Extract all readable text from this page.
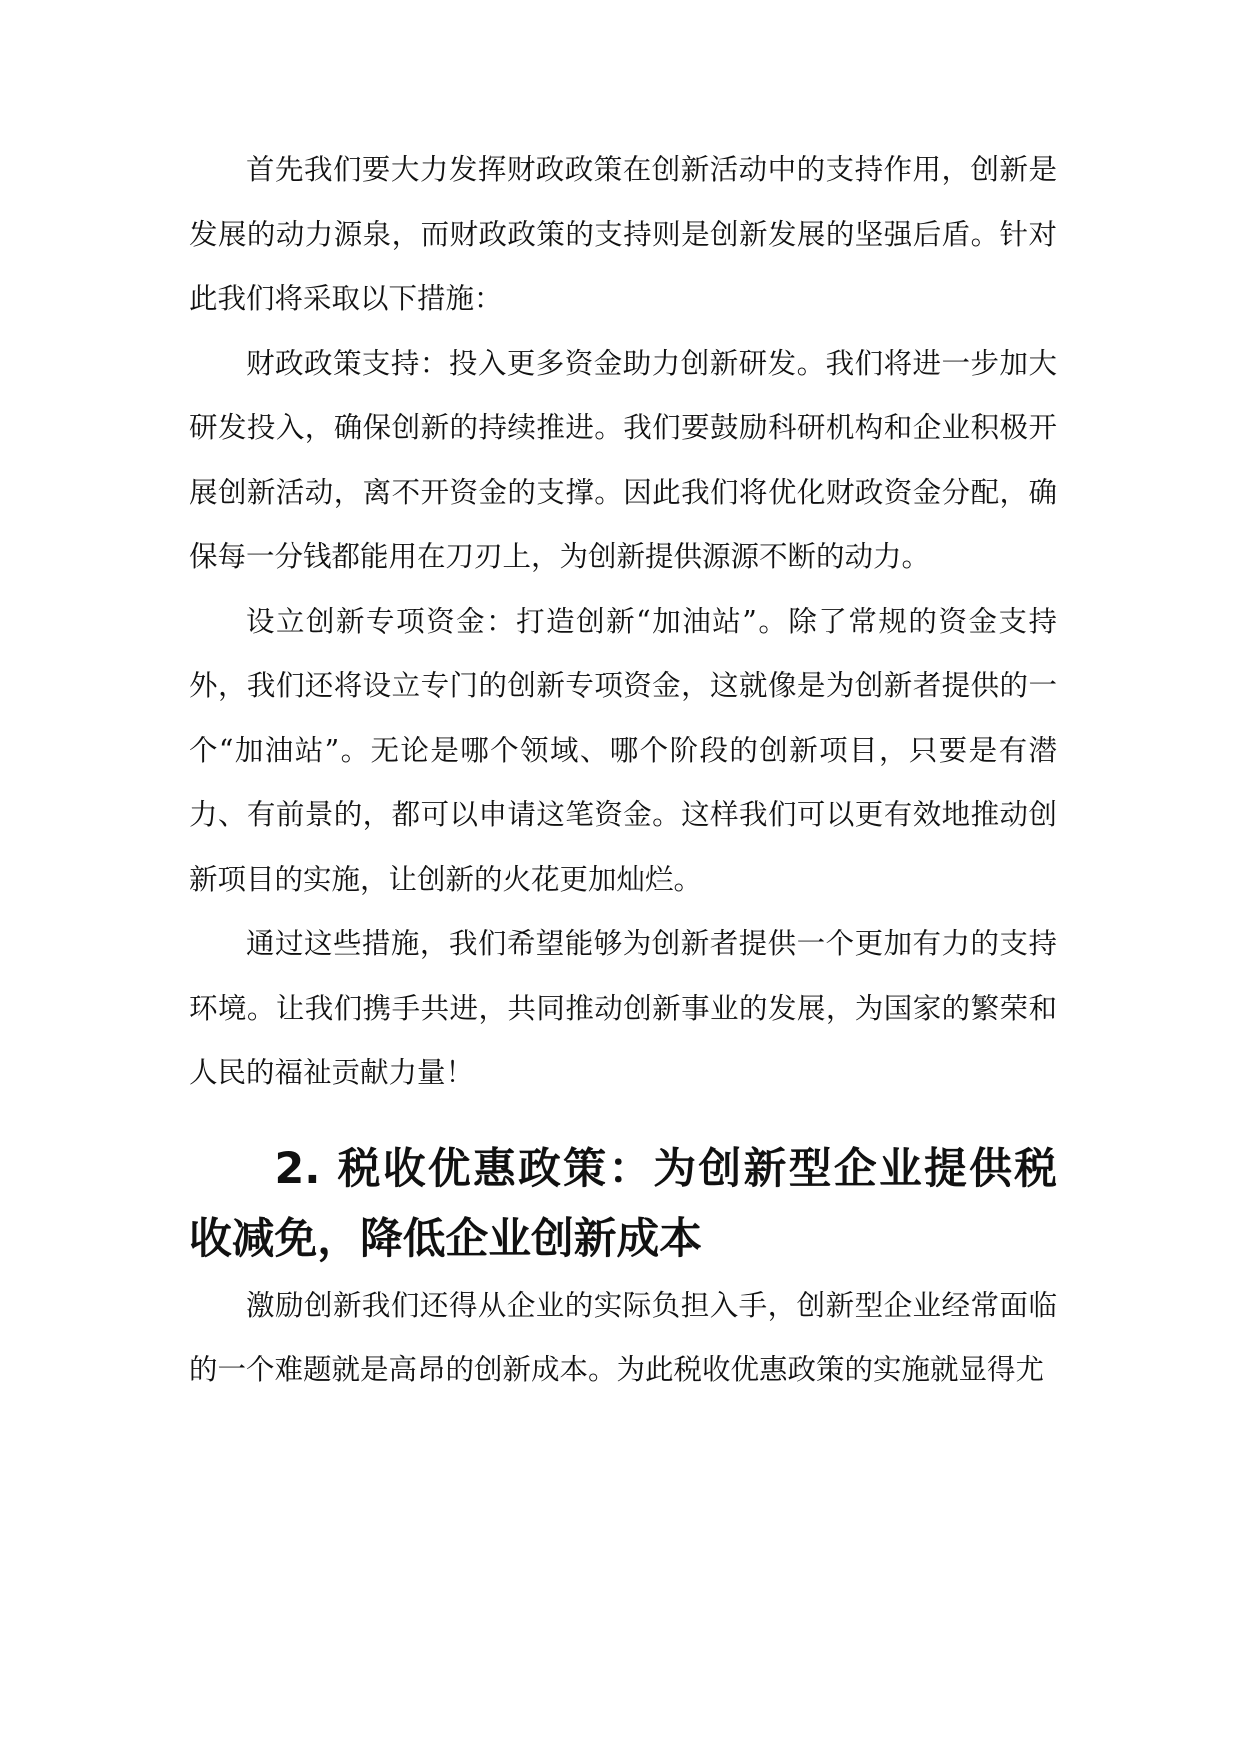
首先我们要大力发挥财政政策在创新活动中的支持作用，创新是发展的动力源泉，而财政政策的支持则是创新发展的坚强后盾。针对此我们将采取以下措施：

财政政策支持：投入更多资金助力创新研发。我们将进一步加大研发投入，确保创新的持续推进。我们要鼓励科研机构和企业积极开展创新活动，离不开资金的支撑。因此我们将优化财政资金分配，确保每一分钱都能用在刀刃上，为创新提供源源不断的动力。

设立创新专项资金：打造创新“加油站”。除了常规的资金支持外，我们还将设立专门的创新专项资金，这就像是为创新者提供的一个“加油站”。无论是哪个领域、哪个阶段的创新项目，只要是有潜力、有前景的，都可以申请这笔资金。这样我们可以更有效地推动创新项目的实施，让创新的火花更加灿烂。

通过这些措施，我们希望能够为创新者提供一个更加有力的支持环境。让我们携手共进，共同推动创新事业的发展，为国家的繁荣和人民的福祉贡献力量！

2. 税收优惠政策：为创新型企业提供税收减免，降低企业创新成本

激励创新我们还得从企业的实际负担入手，创新型企业经常面临的一个难题就是高昂的创新成本。为此税收优惠政策的实施就显得尤
